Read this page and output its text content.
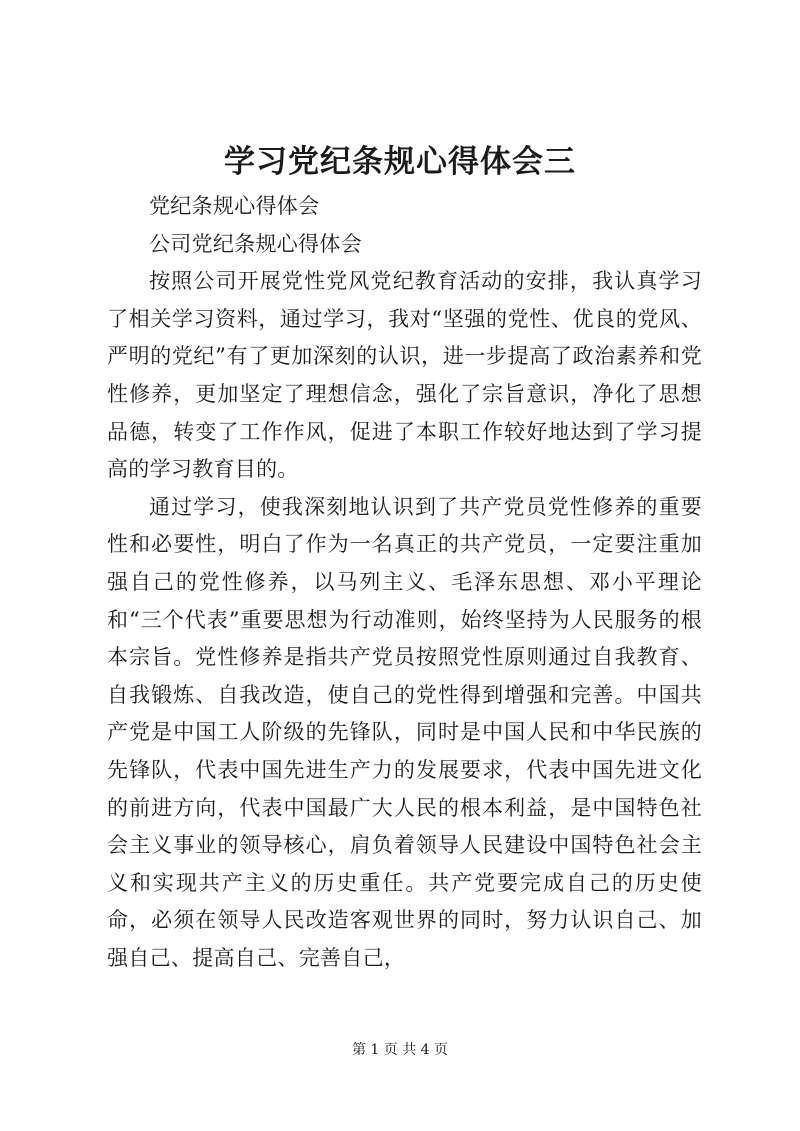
学习党纪条规心得体会三

党纪条规心得体会

公司党纪条规心得体会

按照公司开展党性党风党纪教育活动的安排，我认真学习了相关学习资料，通过学习，我对“坚强的党性、优良的党风、严明的党纪”有了更加深刻的认识，进一步提高了政治素养和党性修养，更加坚定了理想信念，强化了宗旨意识，净化了思想品德，转变了工作作风，促进了本职工作较好地达到了学习提高的学习教育目的。

通过学习，使我深刻地认识到了共产党员党性修养的重要性和必要性，明白了作为一名真正的共产党员，一定要注重加强自己的党性修养，以马列主义、毛泽东思想、邓小平理论和“三个代表”重要思想为行动准则，始终坚持为人民服务的根本宗旨。党性修养是指共产党员按照党性原则通过自我教育、自我锻炼、自我改造，使自己的党性得到增强和完善。中国共产党是中国工人阶级的先锋队，同时是中国人民和中华民族的先锋队，代表中国先进生产力的发展要求，代表中国先进文化的前进方向，代表中国最广大人民的根本利益，是中国特色社会主义事业的领导核心，肩负着领导人民建设中国特色社会主义和实现共产主义的历史重任。共产党要完成自己的历史使命，必须在领导人民改造客观世界的同时，努力认识自己、加强自己、提高自己、完善自己，

第 1 页 共 4 页
